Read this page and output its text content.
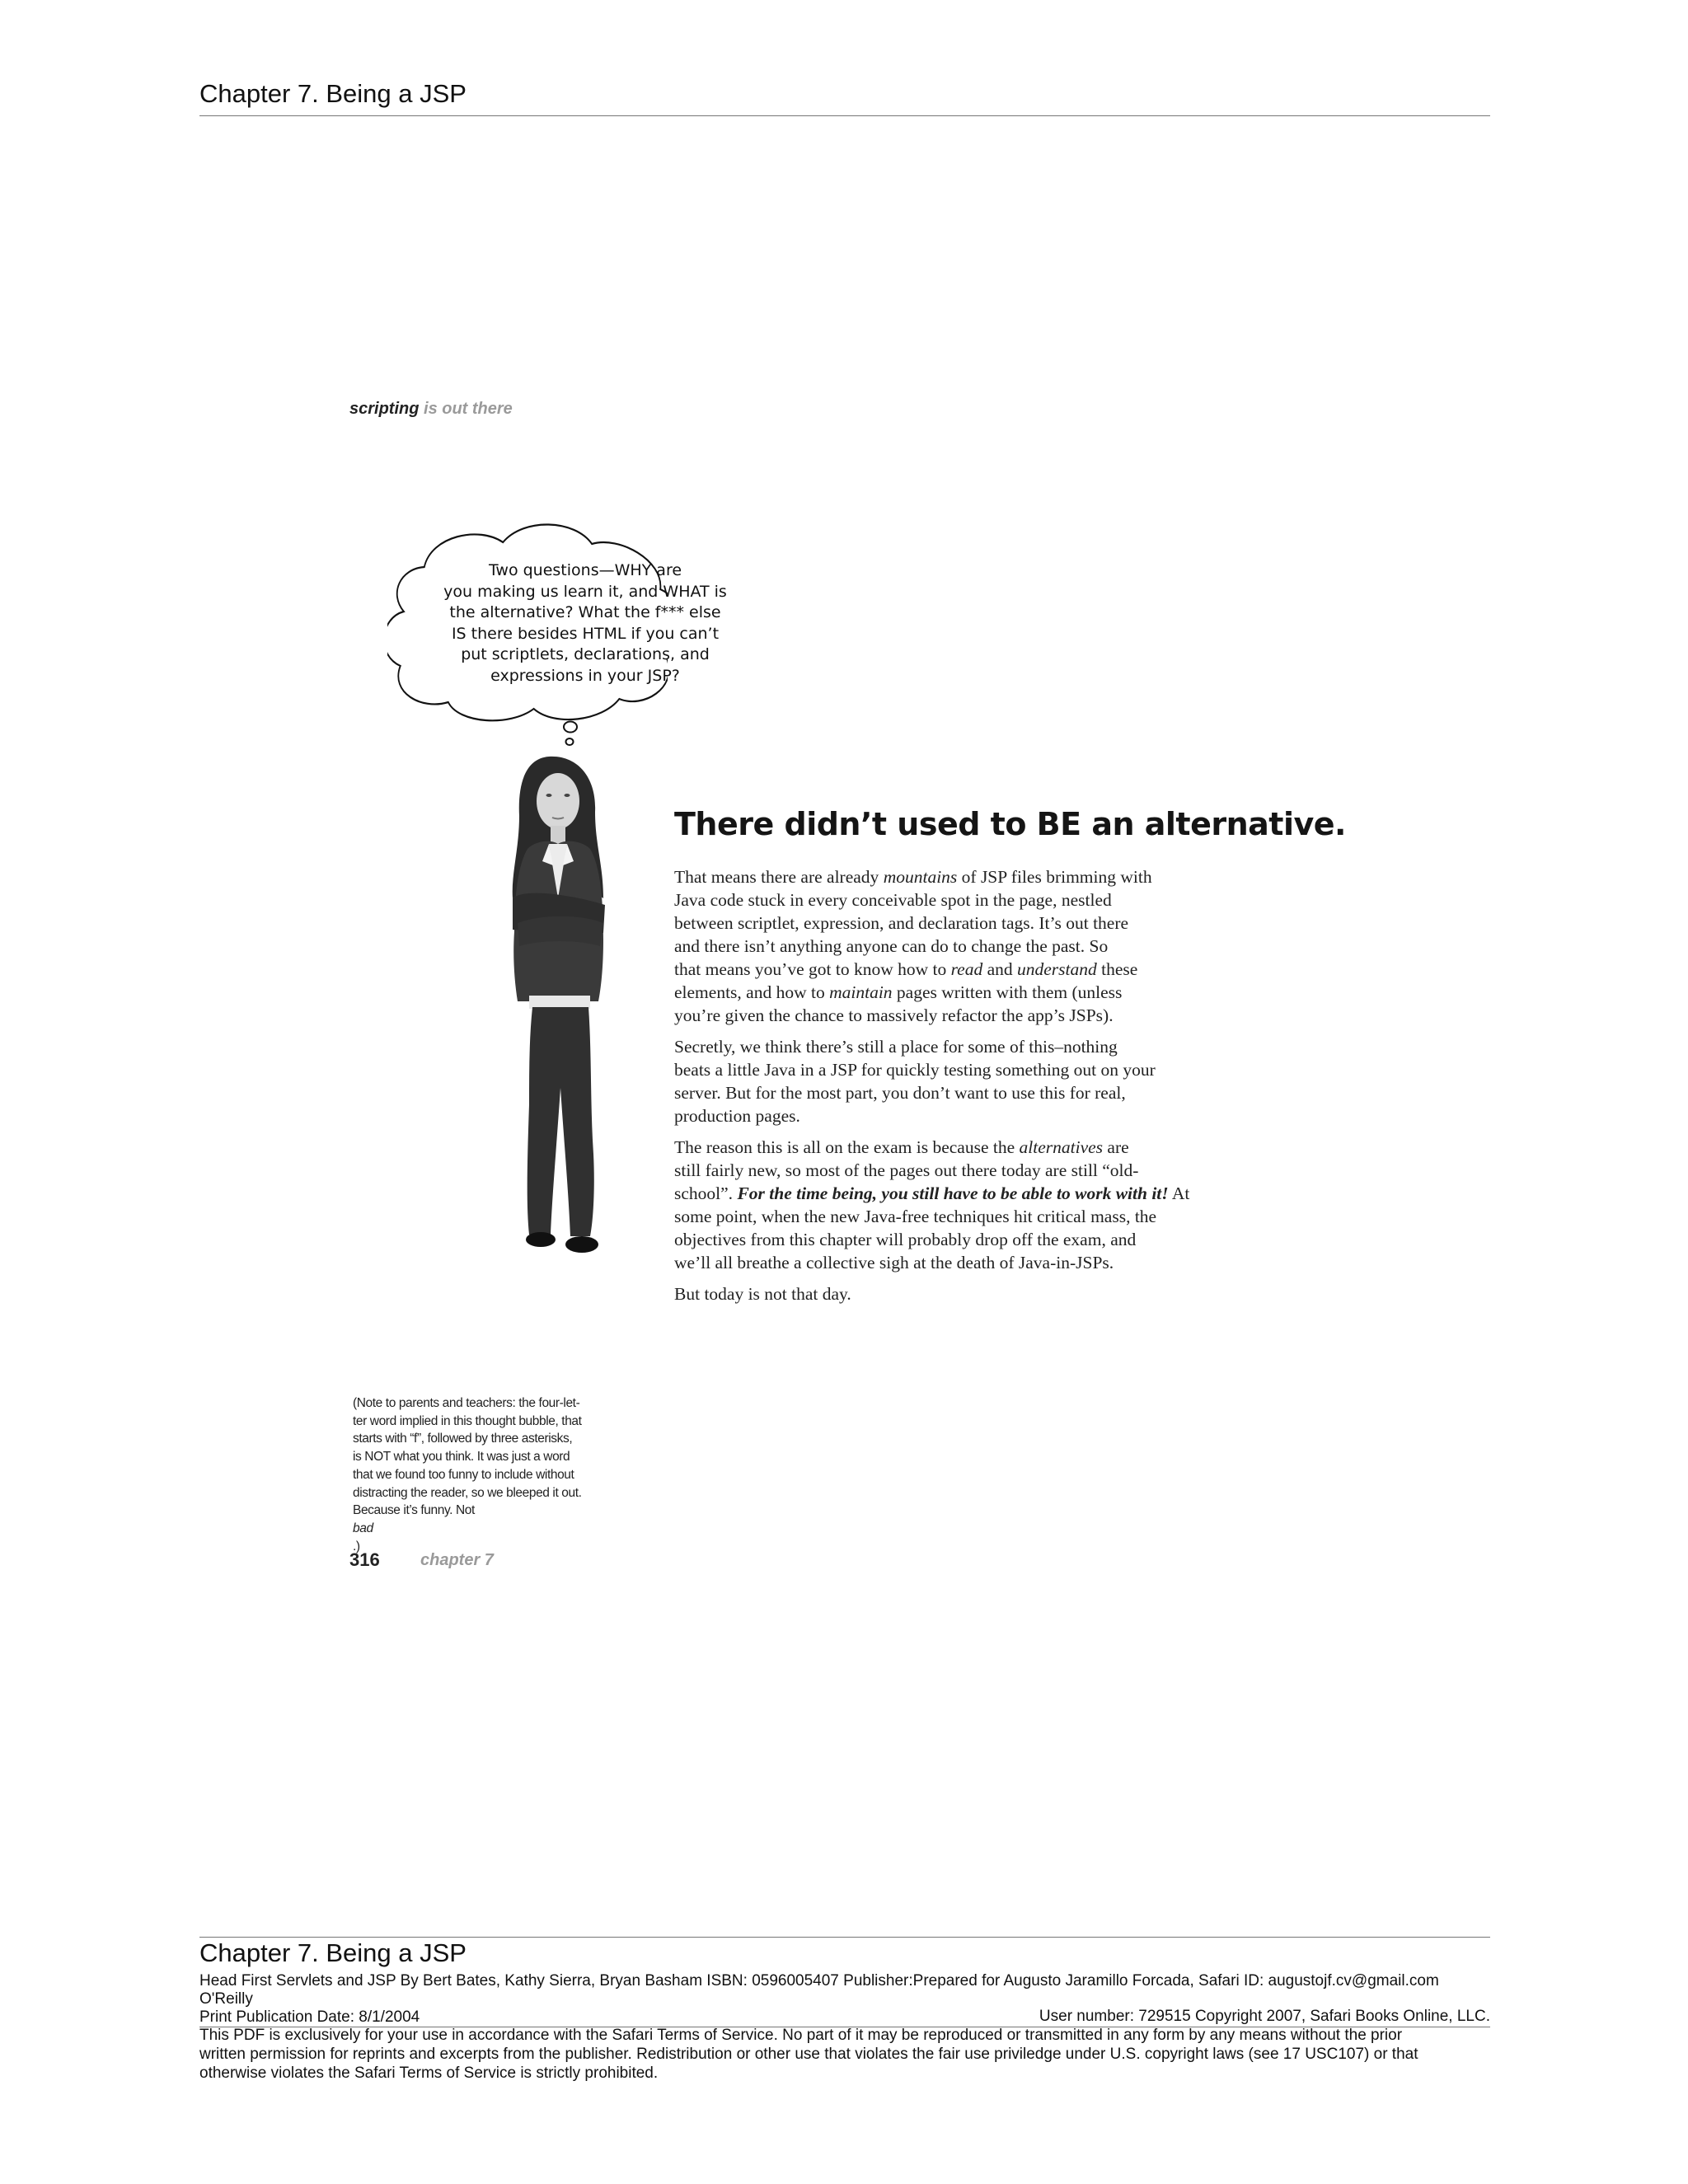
Chapter 7. Being a JSP
scripting is out there
Two questions—WHY are
you making us learn it, and WHAT is
the alternative? What the f*** else
IS there besides HTML if you can’t
put scriptlets, declarations, and
expressions in your JSP?
There didn’t used to BE an alternative.
That means there are already mountains of JSP files brimming with
Java code stuck in every conceivable spot in the page, nestled
between scriptlet, expression, and declaration tags. It’s out there
and there isn’t anything anyone can do to change the past. So
that means you’ve got to know how to read and understand these
elements, and how to maintain pages written with them (unless
you’re given the chance to massively refactor the app’s JSPs).
Secretly, we think there’s still a place for some of this–nothing
beats a little Java in a JSP for quickly testing something out on your
server. But for the most part, you don’t want to use this for real,
production pages.
The reason this is all on the exam is because the alternatives are
still fairly new, so most of the pages out there today are still “old-
school”. For the time being, you still have to be able to work with it! At
some point, when the new Java-free techniques hit critical mass, the
objectives from this chapter will probably drop off the exam, and
we’ll all breathe a collective sigh at the death of Java-in-JSPs.
But today is not that day.
(Note to parents and teachers: the four-let-
ter word implied in this thought bubble, that
starts with “f”, followed by three asterisks,
is NOT what you think. It was just a word
that we found too funny to include without
distracting the reader, so we bleeped it out.
Because it’s funny. Not
bad
.)
316 chapter 7
Chapter 7. Being a JSP
Head First Servlets and JSP By Bert Bates, Kathy Sierra, Bryan Basham ISBN: 0596005407 Publisher:Prepared for Augusto Jaramillo Forcada, Safari ID: augustojf.cv@gmail.com
O'Reilly
Print Publication Date: 8/1/2004	User number: 729515 Copyright 2007, Safari Books Online, LLC.
This PDF is exclusively for your use in accordance with the Safari Terms of Service. No part of it may be reproduced or transmitted in any form by any means without the prior
written permission for reprints and excerpts from the publisher. Redistribution or other use that violates the fair use priviledge under U.S. copyright laws (see 17 USC107) or that
otherwise violates the Safari Terms of Service is strictly prohibited.
